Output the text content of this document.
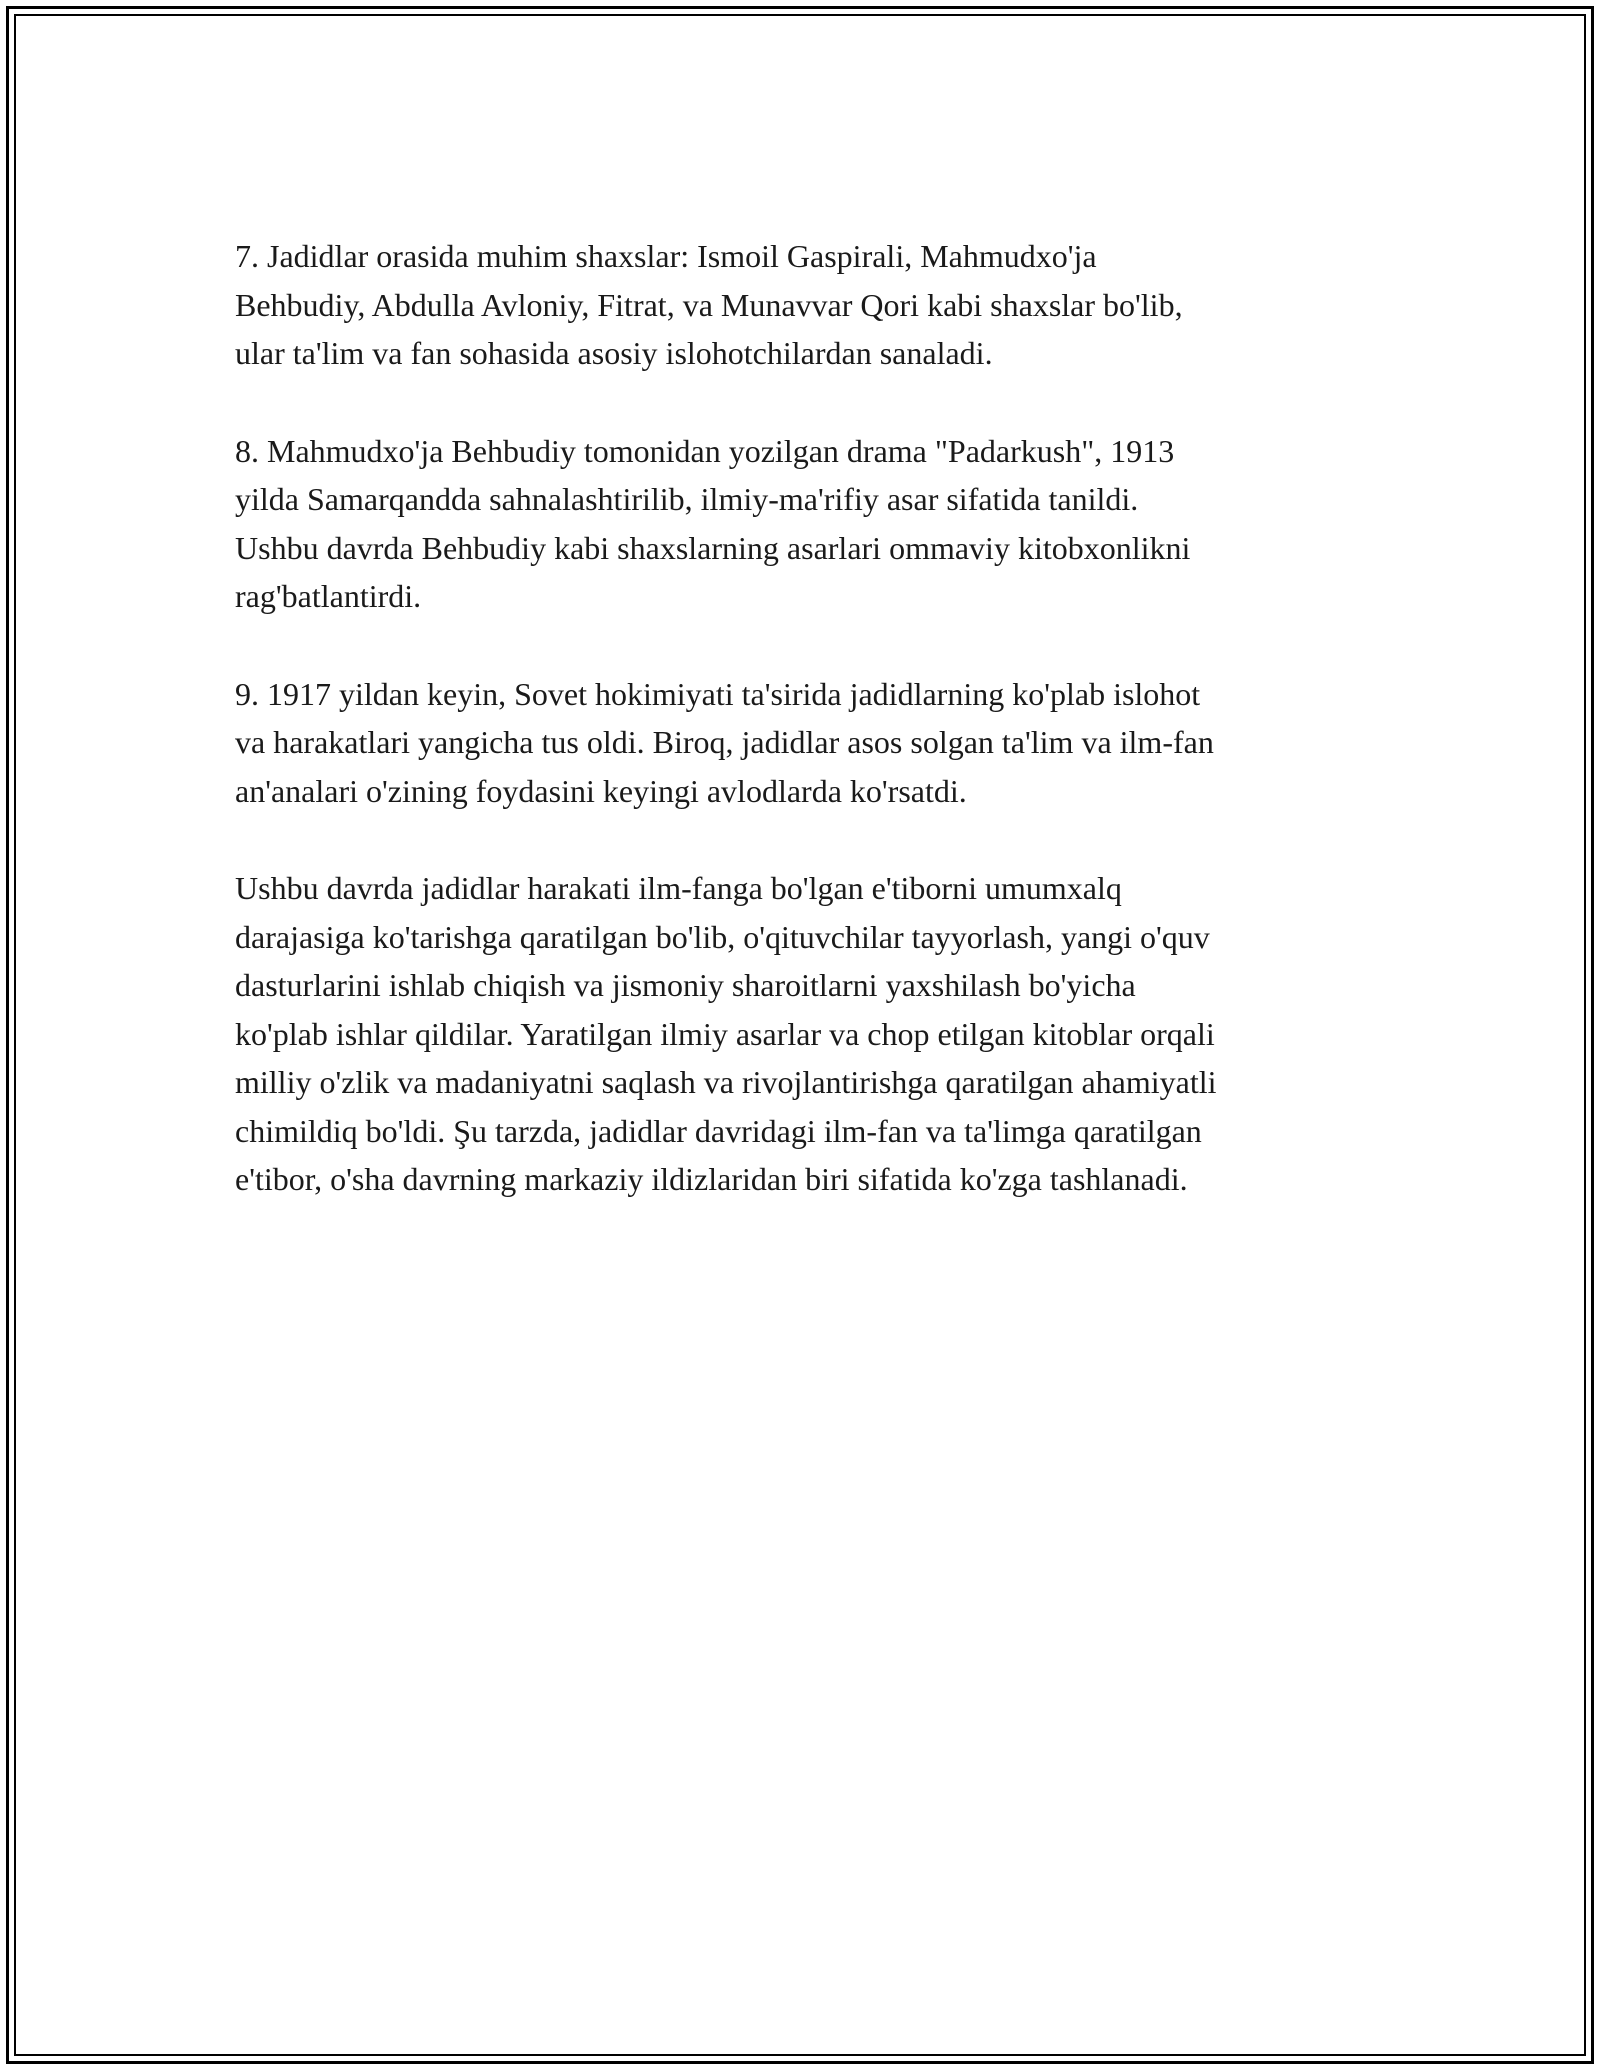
7. Jadidlar orasida muhim shaxslar: Ismoil Gaspirali, Mahmudxo'ja
Behbudiy, Abdulla Avloniy, Fitrat, va Munavvar Qori kabi shaxslar bo'lib,
ular ta'lim va fan sohasida asosiy islohotchilardan sanaladi.

8. Mahmudxo'ja Behbudiy tomonidan yozilgan drama "Padarkush", 1913
yilda Samarqandda sahnalashtirilib, ilmiy-ma'rifiy asar sifatida tanildi.
Ushbu davrda Behbudiy kabi shaxslarning asarlari ommaviy kitobxonlikni
rag'batlantirdi.

9. 1917 yildan keyin, Sovet hokimiyati ta'sirida jadidlarning ko'plab islohot
va harakatlari yangicha tus oldi. Biroq, jadidlar asos solgan ta'lim va ilm-fan
an'analari o'zining foydasini keyingi avlodlarda ko'rsatdi.

Ushbu davrda jadidlar harakati ilm-fanga bo'lgan e'tiborni umumxalq
darajasiga ko'tarishga qaratilgan bo'lib, o'qituvchilar tayyorlash, yangi o'quv
dasturlarini ishlab chiqish va jismoniy sharoitlarni yaxshilash bo'yicha
ko'plab ishlar qildilar. Yaratilgan ilmiy asarlar va chop etilgan kitoblar orqali
milliy o'zlik va madaniyatni saqlash va rivojlantirishga qaratilgan ahamiyatli
chimildiq bo'ldi. Şu tarzda, jadidlar davridagi ilm-fan va ta'limga qaratilgan
e'tibor, o'sha davrning markaziy ildizlaridan biri sifatida ko'zga tashlanadi.
